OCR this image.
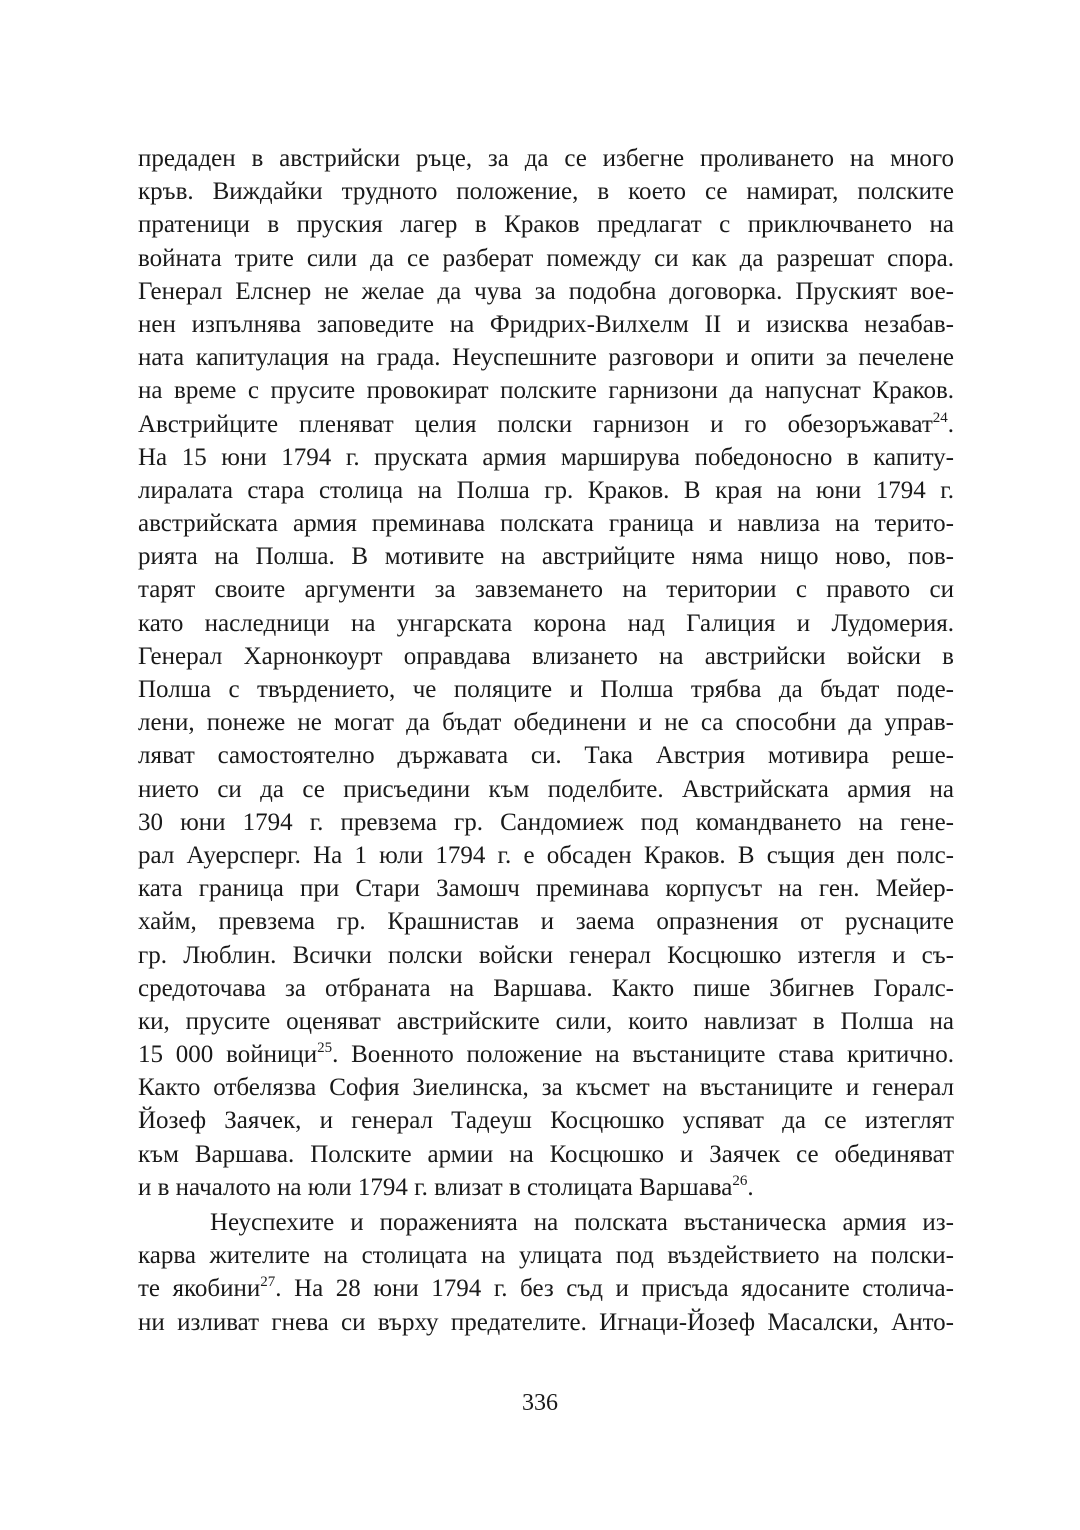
предаден в австрийски ръце, за да се избегне проливането на много
кръв. Виждайки трудното положение, в което се намират, полските
пратеници в пруския лагер в Краков предлагат с приключването на
войната трите сили да се разберат помежду си как да разрешат спора.
Генерал Елснер не желае да чува за подобна договорка. Пруският вое-
нен изпълнява заповедите на Фридрих-Вилхелм II и изисква незабав-
ната капитулация на града. Неуспешните разговори и опити за печелене
на време с прусите провокират полските гарнизони да напуснат Краков.
Австрийците пленяват целия полски гарнизон и го обезоръжават$^{24}$.
На 15 юни 1794 г. пруската армия марширува победоносно в капиту-
лиралата стара столица на Полша гр. Краков. В края на юни 1794 г.
австрийската армия преминава полската граница и навлиза на терито-
рията на Полша. В мотивите на австрийците няма нищо ново, пов-
тарят своите аргументи за завземането на територии с правото си
като наследници на унгарската корона над Галиция и Лудомерия.
Генерал Харнонкоурт оправдава влизането на австрийски войски в
Полша с твърдението, че поляците и Полша трябва да бъдат поде-
лени, понеже не могат да бъдат обединени и не са способни да управ-
ляват самостоятелно държавата си. Така Австрия мотивира реше-
нието си да се присъедини към поделбите. Австрийската армия на
30 юни 1794 г. превзема гр. Сандомиеж под командването на гене-
рал Ауерсперг. На 1 юли 1794 г. е обсаден Краков. В същия ден полс-
ката граница при Стари Замошч преминава корпусът на ген. Мейер-
хайм, превзема гр. Крашнистав и заема опразнения от руснаците
гр. Люблин. Всички полски войски генерал Косцюшко изтегля и съ-
средоточава за отбраната на Варшава. Както пише Збигнев Горалс-
ки, прусите оценяват австрийските сили, които навлизат в Полша на
15 000 войници$^{25}$. Военното положение на въстаниците става критично.
Както отбелязва София Зиелинска, за късмет на въстаниците и генерал
Йозеф Заячек, и генерал Тадеуш Косцюшко успяват да се изтеглят
към Варшава. Полските армии на Косцюшко и Заячек се обединяват
и в началото на юли 1794 г. влизат в столицата Варшава$^{26}$.
Неуспехите и пораженията на полската въстаническа армия из-
карва жителите на столицата на улицата под въздействието на полски-
те якобини$^{27}$. На 28 юни 1794 г. без съд и присъда ядосаните столича-
ни изливат гнева си върху предателите. Игнаци-Йозеф Масалски, Анто-
336
